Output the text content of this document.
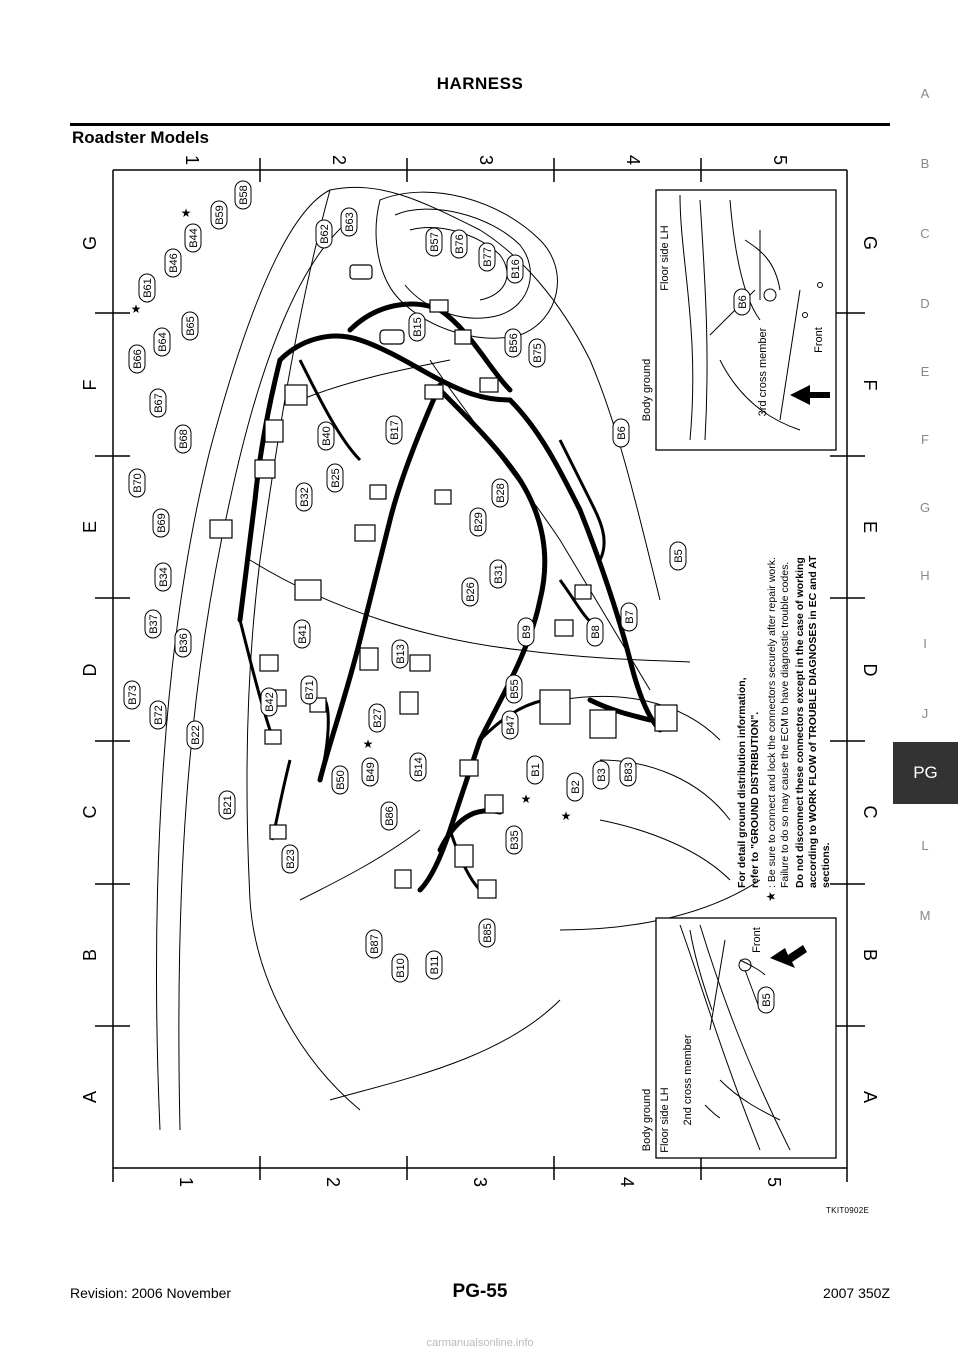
HARNESS
Roadster Models
A
B
C
D
E
F
G
H
I
J
PG
L
M
1	2	3	4	5
1	2	3	4	5
G
F
E
D
C
B
A
G
F
E
D
C
B
A
B58
B59
B44
B46
B61
B62
B63
B57 B76
B77
B16
B15
B56
B75
B65
B64
B66
B67
B68	B40	B17	B6
B25
B28
B29
B32
B70
B69
B31
B26
B5
B34
B7
B8
B9
B37
B41
B13
B36
B55
B73	B42
B71
B72	B27	B47
B22
B14	B1
B50 B49
B2
B3 B83
B21
B86
B35
B23
B87
B85
B10 B11
★
★
★
★
★
Body ground
Floor side LH
3rd cross member	Front
B6
Body ground Floor side LH 2nd cross member
Front
B5
For detail ground distribution information, refer to "GROUND DISTRIBUTION".
★
: Be sure to connect and lock the connectors securely after repair work. Failure to do so may cause the ECM to have diagnostic trouble codes. Do not disconnect these connectors except in the case of working according to WORK FLOW of TROUBLE DIAGNOSES in EC and AT sections.
TKIT0902E
Revision: 2006 November	PG-55	2007 350Z
carmanualsonline.info
